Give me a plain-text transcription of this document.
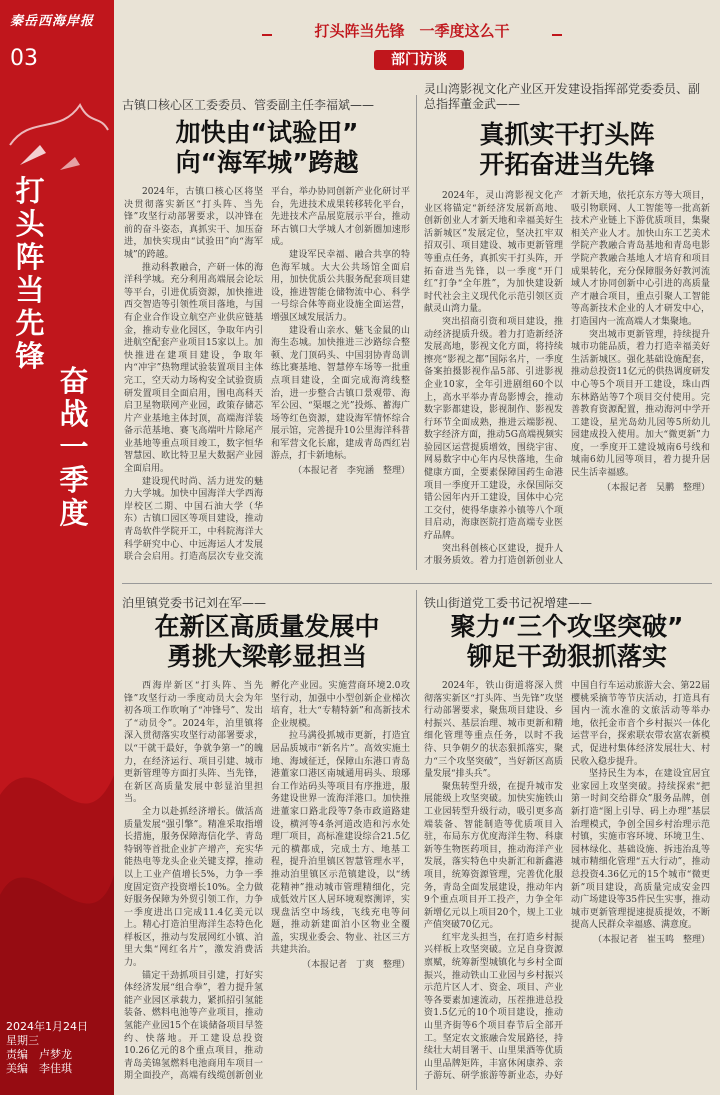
秦岳西海岸报
03
打头阵当先锋
奋战一季度
2024年1月24日
星期三
责编　卢梦龙
美编　李佳琪
打头阵当先锋　一季度这么干
部门访谈
古镇口核心区工委委员、管委副主任李福斌——
加快由“试验田”
向“海军城”跨越

2024年，古镇口核心区将坚决贯彻落实新区“打头阵、当先锋”攻坚行动部署要求，以冲锋在前的奋斗姿态，真抓实干、加压奋进，加快实现由“试验田”向“海军城”的跨越。

推动科教融合，产研一体的海洋科学城。充分利用高端展会论坛等平台，引进优质资源，加快推进西交智造等引领性项目落地，与国有企业合作设立航空产业供应链基金，推动专业化园区，争取年内引进航空配套产业项目15家以上。加快推进在建项目建设，争取年内“冲宇”热物理试验装置项目主体完工，空天动力场构安全试验资质研发置项目全面启用，围电高科天启卫星物联网产业园，政策存储芯片产业基地主体封顶，高端海洋装备示范基地、赛飞高端叶片除尾产业基地等重点项目竣工，数字恒华智慧园、欧比特卫星大数据产业园全面启用。

建设现代时尚、活力迸发的魅力大学城。加快中国海洋大学西海岸校区二期、中国石油大学（华东）古镇口园区等项目建设，推动青岛软件学院开工，中科院海洋大科学研究中心、中远海运人才发展联合会启用。打造高层次专业交流平台，举办协同创新产业化研讨平台，先进技术成果转移转化平台，先进技术产品展览展示平台，推动环古镇口大学城人才创新圈加速形成。

建设军民幸福、融合共享的特色海军城。大大公共场馆全面启用，加快优质公共服务配套项目建设，推进智能仓储物流中心、科学一号综合体等商业设施全面运营，增强区域发展活力。

建设看山亲水、魅飞金鼠的山海生态城。加快推进三沙路综合整顿、龙门顶码头、中国羽协青岛训练比赛基地、智慧停车场等一批重点项目建设，全面完成海湾线整治，进一步整合古镇口景观带、海军公园、“渠堰之光”投烁、蓄海广场等红色资源，建设海军情怀综合展示馆，完善提升10公里海洋科普和军营文化长廊，建成青岛西红岩游点，打卡新地标。

（本报记者　李宛涵　整理）
灵山湾影视文化产业区开发建设指挥部党委委员、副总指挥董金武——
真抓实干打头阵
开拓奋进当先锋

2024年，灵山湾影视文化产业区将锚定“新经济发展新高地、创新创业人才新天地和幸福美好生活新城区”发展定位，坚决扛牢双招双引、项目建设、城市更新管理等重点任务，真抓实干打头阵，开拓奋进当先锋，以一季度“开门红”打争“全年胜”，为加快建设新时代社会主义现代化示范引领区贡献灵山湾力量。

突出招商引资和项目建设，推动经济提质升级。着力打造新经济发展高地，影视文化方面，将持续擦亮“影视之都”国际名片，一季度备案拍摄影视作品5部、引进影视企业10家，全年引进剧组60个以上，高水平举办青岛影博会，推动数字影都建设，影视制作、影视发行环节全面成熟，推进云端影视、数字经济方面，推动5G高端视频实验园区运营提质增效，围绕宇宙、网易数字中心年内尽快落地，生命健康方面，全要素保障国药生命港项目一季度开工建设，永保国际交错公园年内开工建设，国体中心完工交付，使得华康养小镇等八个项目启动，海康医院打造高端专业医疗品牌。

突出科创核心区建设，提升人才服务质效。着力打造创新创业人才新天地，依托京东方等大项目，吸引物联网、人工智能等一批高新技术产业链上下游优质项目，集聚相关产业人才。加快山东工艺美术学院产教融合青岛基地和青岛电影学院产教融合基地人才培育和项目成果转化，充分保障服务好教河流域人才协同创新中心引进的高质量产才融合项目，重点引聚人工智能等高新技术企业的人才研发中心，打造国内一流高端人才集聚地。

突出城市更新管理，持续提升城市功能品质，着力打造幸福美好生活新城区。强化基础设施配套，推动总投资11亿元的供热调度研发中心等5个项目开工建设，珠山西东林路站等7个项目交付使用。完善教育资源配置，推动海河中学开工建设，星光岛幼儿园等5所幼儿园建成投入使用。加大“微更新”力度，一季度开工建设城南6号线和城南6幼儿园等项目，着力提升居民生活幸福感。

（本报记者　吴鹏　整理）
泊里镇党委书记刘在军——
在新区高质量发展中
勇挑大梁彰显担当

西海岸新区“打头阵、当先锋”攻坚行动一季度动员大会为年初各项工作吹响了“冲锋号”、发出了“动员令”。2024年，泊里镇将深入贯彻落实攻坚行动部署要求，以“干就干最好，争就争第一”的魄力，在经济运行、项目引建、城市更新管理等方面打头阵、当先锋，在新区高质量发展中彰显泊里担当。

全力以赴抓经济增长。做活高质量发展“强引擎”。精准采取指增长措施，服务保障海信化学、青岛特钢等首批企业扩产增产，充实华能热电等龙头企业关键支撑，推动以上工业产值增长5%，力争一季度固定资产投资增长10%。全力做好服务保障为外贸引领工作，力争一季度进出口完成11.4亿美元以上。精心打造泊里海洋生态特色化样板区，推动与发展网红小镇、泊里大集“网红名片”，激发消费活力。

锚定干劲抓项目引建，打好实体经济发展“组合拳”，着力提升氢能产业园区承载力，紧抓招引氢能装备、燃料电池等产业项目，推动氢能产业园15个在谈储备项目早签约、快落地。开工建设总投资10.26亿元的8个重点项目，推动青岛美锦氢燃料电池商用车项目一期全面投产，高端有线缆创新创业孵化产业园。实施营商环境2.0攻坚行动，加强中小型创新企业梯次培育，壮大“专精特新”和高新技术企业规模。

拉马满役抓城市更新，打造宜居品质城市“新名片”。高效实施土地、海域征迁，保障山东港口青岛港董家口港区南城通用码头、琅琊台工作站码头等项目有序推进，服务建设世界一流海洋港口。加快推进董家口路北段等7条市政道路建设，横河等4条河道改造和污水处理厂项目，高标准建设综合21.5亿元的横都成，完成土方、地基工程，提升泊里镇区智慧管理水平，推动泊里镇区示范镇建设，以“绣花精神”推动城市管理精细化，完成低效片区人居环境观察测评，实现盘活空中场线，飞线充电等问题，推动新建面泊小区物业全覆盖，实现业委会、物业、社区三方共建共治。

（本报记者　丁爽　整理）
铁山街道党工委书记祝增建——
聚力“三个攻坚突破”
铆足干劲狠抓落实

2024年，铁山街道将深入贯彻落实新区“打头阵、当先锋”攻坚行动部署要求，聚焦项目建设、乡村振兴、基层治理、城市更新和精细化管理等重点任务，以时不我待、只争朝夕的状态狠抓落实，聚力“三个攻坚突破”，当好新区高质量发展“排头兵”。

聚焦转型升级，在提升城市发展能级上攻坚突破。加快实施铁山工业园转型升级行动，吸引更多高端装备、智能制造等优质项目入驻，布局东方优度海洋生物、科康新等生物医药项目，推动海洋产业发展，落实特色中央新汇和新鑫港项目，统筹资源管理，完善优化服务，青岛全面发展建设，推动年内9个重点项目开工投产，力争全年新增亿元以上项目20个，规上工业产值突破70亿元。

红牢龙头担当，在打造乡村振兴样板上攻坚突破。立足自身资源禀赋，统筹新型城镇化与乡村全面振兴，推动铁山工业园与乡村振兴示范片区人才、资金、项目、产业等各要素加速流动，压茬推进总投资1.5亿元的10个项目建设，推动山里齐街等6个项目春节后全部开工。坚定农文旅融合发展路径，持续壮大胡目署干、山里果酒等优质山里品牌矩阵，丰富休闲康养、亲子游玩、研学旅游等新业态，办好中国自行车运动旅游大会、第22届樱桃采摘节等节庆活动，打造具有国内一流水准的文旅活动等举办地，依托金市音个乡村振兴一体化运营平台，探索联农带农富农新模式，促进村集体经济发展壮大、村民收入稳步提升。

坚持民生为本，在建设宜居宜业家园上攻坚突破。持续探索“把第一时间交给群众”服务品牌，创新打造“图上引导、码上办理”基层治理模式，争创全国乡村治理示范村镇，实施市容环境、环境卫生、园林绿化、基础设施、拆违治乱等城市精细化管理“五大行动”，推动总投资4.36亿元的15个城市“微更新”项目建设，高质量完成安金四动广场建设等35件民生实事，推动城市更新管理提速提质提效，不断提高人民群众幸福感、满意度。

（本报记者　崔玉鸣　整理）
